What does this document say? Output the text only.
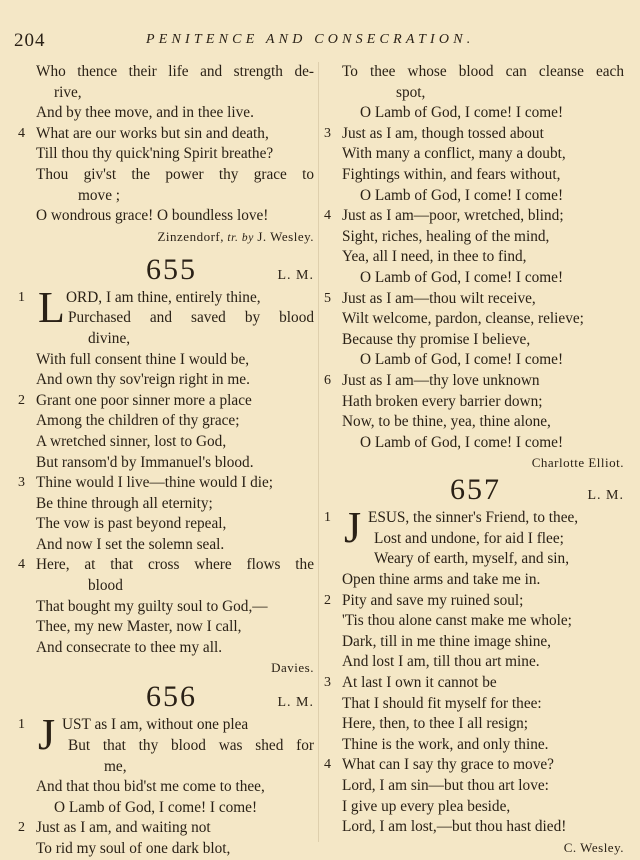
204	PENITENCE AND CONSECRATION.
Who thence their life and strength de-
rive,
And by thee move, and in thee live.
4 What are our works but sin and death,
Till thou thy quick'ning Spirit breathe?
Thou giv'st the power thy grace to
move ;
O wondrous grace! O boundless love!
Zinzendorf, tr. by J. Wesley.
655	L. M.
L
1	ORD, I am thine, entirely thine,
Purchased and saved by blood
divine,
With full consent thine I would be,
And own thy sov'reign right in me.
2 Grant one poor sinner more a place
Among the children of thy grace;
A wretched sinner, lost to God,
But ransom'd by Immanuel's blood.
3 Thine would I live—thine would I die;
Be thine through all eternity;
The vow is past beyond repeal,
And now I set the solemn seal.
4 Here, at that cross where flows the
blood
That bought my guilty soul to God,—
Thee, my new Master, now I call,
And consecrate to thee my all.
Davies.
656	L. M.
J
1 UST as I am, without one plea
But that thy blood was shed for
me,
And that thou bid'st me come to thee,
O Lamb of God, I come! I come!
2 Just as I am, and waiting not
To rid my soul of one dark blot,
To thee whose blood can cleanse each
spot,
O Lamb of God, I come! I come!
3 Just as I am, though tossed about
With many a conflict, many a doubt,
Fightings within, and fears without,
O Lamb of God, I come! I come!
4 Just as I am—poor, wretched, blind;
Sight, riches, healing of the mind,
Yea, all I need, in thee to find,
O Lamb of God, I come! I come!
5 Just as I am—thou wilt receive,
Wilt welcome, pardon, cleanse, relieve;
Because thy promise I believe,
O Lamb of God, I come! I come!
6 Just as I am—thy love unknown
Hath broken every barrier down;
Now, to be thine, yea, thine alone,
O Lamb of God, I come! I come!
Charlotte Elliot.
657	L. M.
J
1 ESUS, the sinner's Friend, to thee,
Lost and undone, for aid I flee;
Weary of earth, myself, and sin,
Open thine arms and take me in.
2 Pity and save my ruined soul;
'Tis thou alone canst make me whole;
Dark, till in me thine image shine,
And lost I am, till thou art mine.
3 At last I own it cannot be
That I should fit myself for thee:
Here, then, to thee I all resign;
Thine is the work, and only thine.
4 What can I say thy grace to move?
Lord, I am sin—but thou art love:
I give up every plea beside,
Lord, I am lost,—but thou hast died!
C. Wesley.
